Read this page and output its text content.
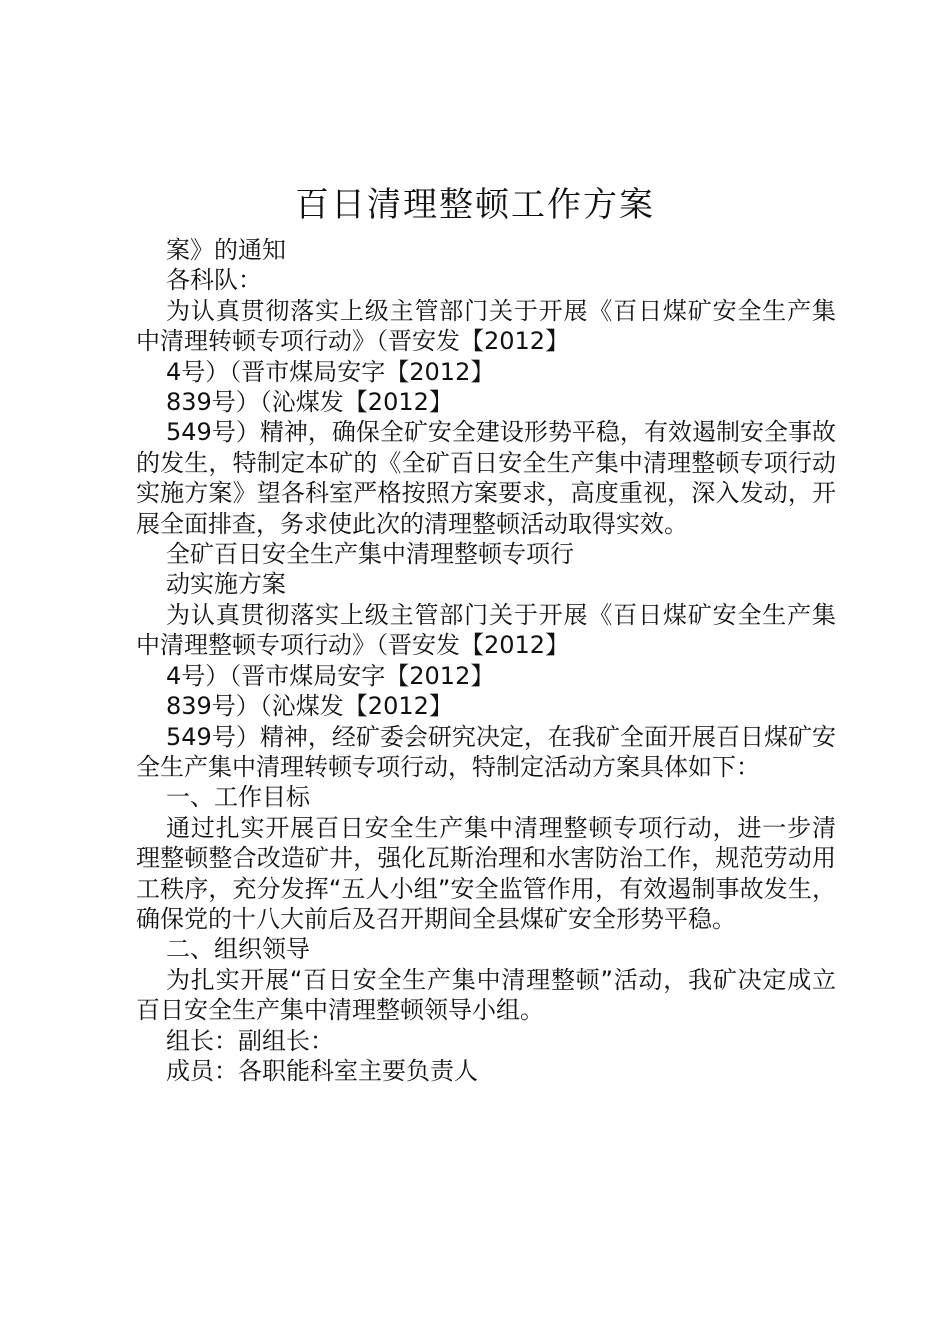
百日清理整顿工作方案

案》的通知

各科队：

为认真贯彻落实上级主管部门关于开展《百日煤矿安全生产集中清理转顿专项行动》（晋安发【2012】

4号）（晋市煤局安字【2012】

839号）（沁煤发【2012】

549号）精神，确保全矿安全建设形势平稳，有效遏制安全事故的发生，特制定本矿的《全矿百日安全生产集中清理整顿专项行动实施方案》望各科室严格按照方案要求，高度重视，深入发动，开展全面排查，务求使此次的清理整顿活动取得实效。

全矿百日安全生产集中清理整顿专项行

动实施方案

为认真贯彻落实上级主管部门关于开展《百日煤矿安全生产集中清理整顿专项行动》（晋安发【2012】

4号）（晋市煤局安字【2012】

839号）（沁煤发【2012】

549号）精神，经矿委会研究决定，在我矿全面开展百日煤矿安全生产集中清理转顿专项行动，特制定活动方案具体如下：

一、工作目标

通过扎实开展百日安全生产集中清理整顿专项行动，进一步清理整顿整合改造矿井，强化瓦斯治理和水害防治工作，规范劳动用工秩序，充分发挥“五人小组”安全监管作用，有效遏制事故发生，确保党的十八大前后及召开期间全县煤矿安全形势平稳。

二、组织领导

为扎实开展“百日安全生产集中清理整顿”活动，我矿决定成立百日安全生产集中清理整顿领导小组。

组长：副组长：

成员：各职能科室主要负责人
